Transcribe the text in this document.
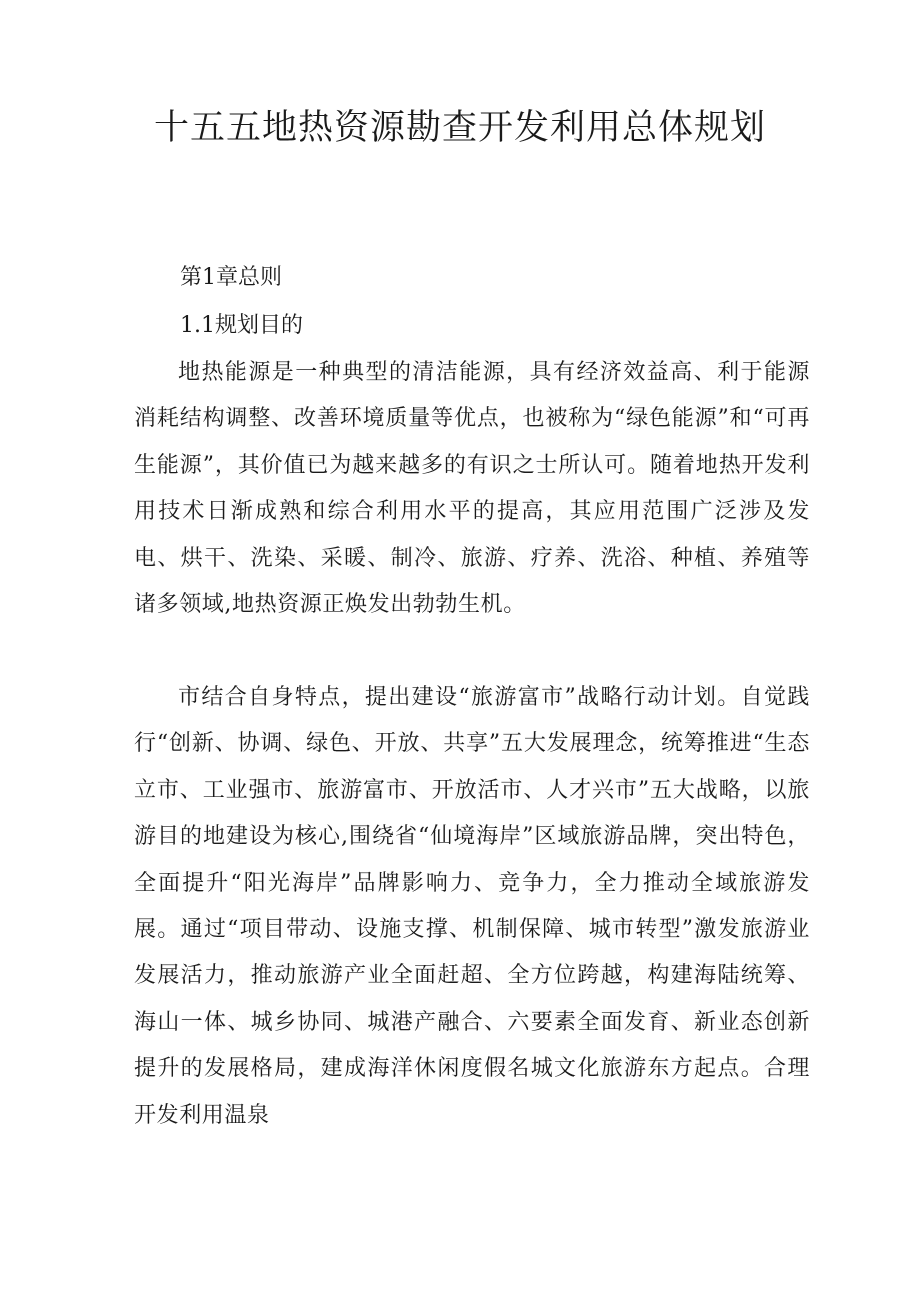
十五五地热资源勘查开发利用总体规划
第1章总则
1.1规划目的

地热能源是一种典型的清洁能源，具有经济效益高、利于能源消耗结构调整、改善环境质量等优点，也被称为“绿色能源”和“可再生能源”，其价值已为越来越多的有识之士所认可。随着地热开发利用技术日渐成熟和综合利用水平的提高，其应用范围广泛涉及发电、烘干、洗染、采暖、制冷、旅游、疗养、洗浴、种植、养殖等诸多领域,地热资源正焕发出勃勃生机。

市结合自身特点，提出建设“旅游富市”战略行动计划。自觉践行“创新、协调、绿色、开放、共享”五大发展理念，统筹推进“生态立市、工业强市、旅游富市、开放活市、人才兴市”五大战略，以旅游目的地建设为核心,围绕省“仙境海岸”区域旅游品牌，突出特色，全面提升“阳光海岸”品牌影响力、竞争力，全力推动全域旅游发展。通过“项目带动、设施支撑、机制保障、城市转型”激发旅游业发展活力，推动旅游产业全面赶超、全方位跨越，构建海陆统筹、海山一体、城乡协同、城港产融合、六要素全面发育、新业态创新提升的发展格局，建成海洋休闲度假名城文化旅游东方起点。合理开发利用温泉
